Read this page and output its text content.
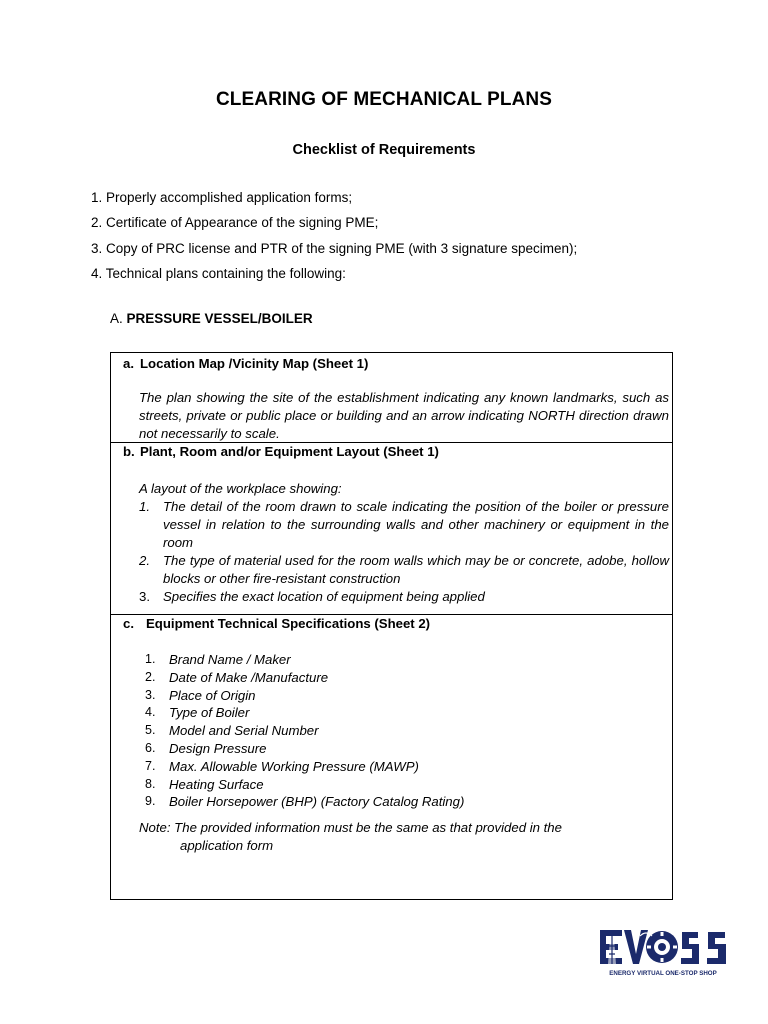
CLEARING OF MECHANICAL PLANS
Checklist of Requirements
1. Properly accomplished application forms;
2. Certificate of Appearance of the signing PME;
3. Copy of PRC license and PTR of the signing PME (with 3 signature specimen);
4. Technical plans containing the following:
A. PRESSURE VESSEL/BOILER
a. Location Map /Vicinity Map (Sheet 1)
The plan showing the site of the establishment indicating any known landmarks, such as streets, private or public place or building and an arrow indicating NORTH direction drawn not necessarily to scale.
b. Plant, Room and/or Equipment Layout (Sheet 1)
A layout of the workplace showing:
1. The detail of the room drawn to scale indicating the position of the boiler or pressure vessel in relation to the surrounding walls and other machinery or equipment in the room
2. The type of material used for the room walls which may be or concrete, adobe, hollow blocks or other fire-resistant construction
3. Specifies the exact location of equipment being applied
c. Equipment Technical Specifications (Sheet 2)
1. Brand Name / Maker
2. Date of Make /Manufacture
3. Place of Origin
4. Type of Boiler
5. Model and Serial Number
6. Design Pressure
7. Max. Allowable Working Pressure (MAWP)
8. Heating Surface
9. Boiler Horsepower (BHP) (Factory Catalog Rating)
Note: The provided information must be the same as that provided in the
application form
ENERGY VIRTUAL ONE-STOP SHOP
